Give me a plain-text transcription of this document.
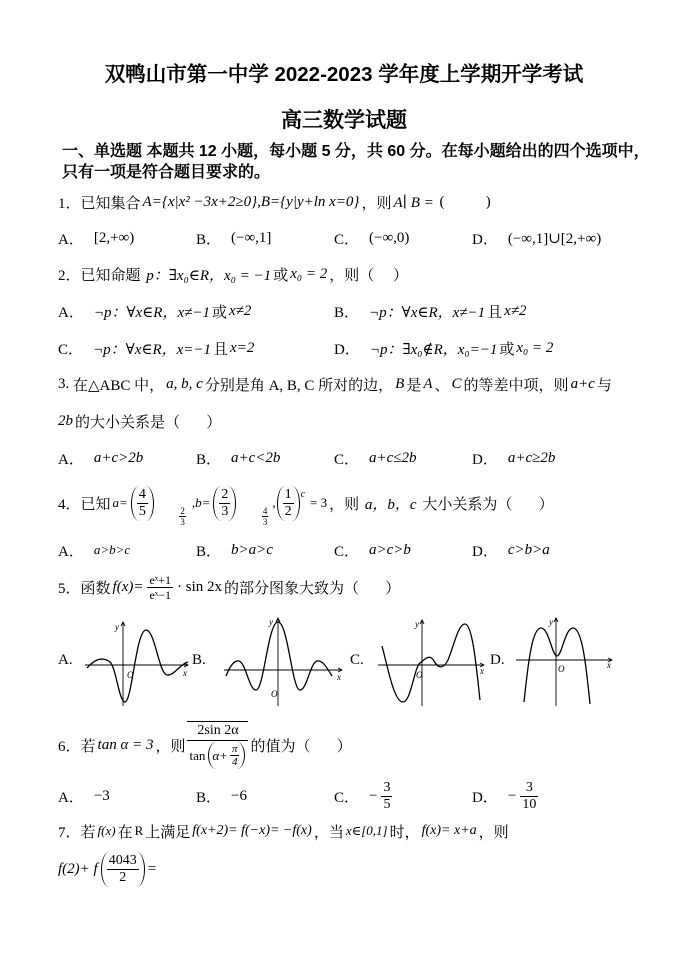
双鸭山市第一中学 2022-2023 学年度上学期开学考试
高三数学试题
一、单选题 本题共 12 小题，每小题 5 分，共 60 分。在每小题给出的四个选项中，
只有一项是符合题目要求的。
1． 已知集合 A={x|x² −3x+2≥0},B={y|y+ln x=0} ，则 A∣ B = (           )
A． [2,+∞)	B． (−∞,1]	C． (−∞,0)	D． (−∞,1]∪[2,+∞)
2． 已知命题 p：∃x₀∈R，x₀ = −1 或 x₀ = 2 ，则（     ）
A． ¬p：∀x∈R，x≠−1 或 x≠2	B． ¬p：∀x∈R，x≠−1 且 x≠2
C． ¬p：∀x∈R，x=−1 且 x=2	D． ¬p：∃x₀∉R，x₀=−1 或 x₀ = 2
3. 在△ABC 中， a, b, c 分别是角 A, B, C 所对的边， B 是 A 、 C 的等差中项，则 a+c 与
2b 的大小关系是（       ）
A． a+c>2b	B． a+c<2b	C． a+c≤2b	D． a+c≥2b
4． 已知 $a= \frac{4}{5}$

	$\frac{2}{3}$

$,b= \frac{2}{3}$

	$\frac{4}{3}$

, $\frac{1}{2}$ c
= 3 ，则 a，b，c 大小关系为（       ）
A． a>b>c	B． b>a>c	C． a>c>b	D． c>b>a
5． 函数 $f(x)= \frac{\text{eˣ+1}}{\text{eˣ−1}} \cdot \sin 2x$ 的部分图象大致为（       ）
A.	B.	C.	D.
y
x
O
y
x
O
y
x
O
y
x
O
6． 若 tan α = 3 ，则
2sin 2α
$\tan \alpha+ \frac{\pi}{4}$ 的值为（       ）
A． −3	B． −6	C． − $\frac{3}{5}$	D． − $\frac{3}{10}$
7． 若 f(x) 在 R 上满足 f(x+2)= f(−x)= −f(x) ，当 x∈[0,1] 时， f(x)= x+a ，则
f(2)+ f $\frac{4043}{2}$ =
